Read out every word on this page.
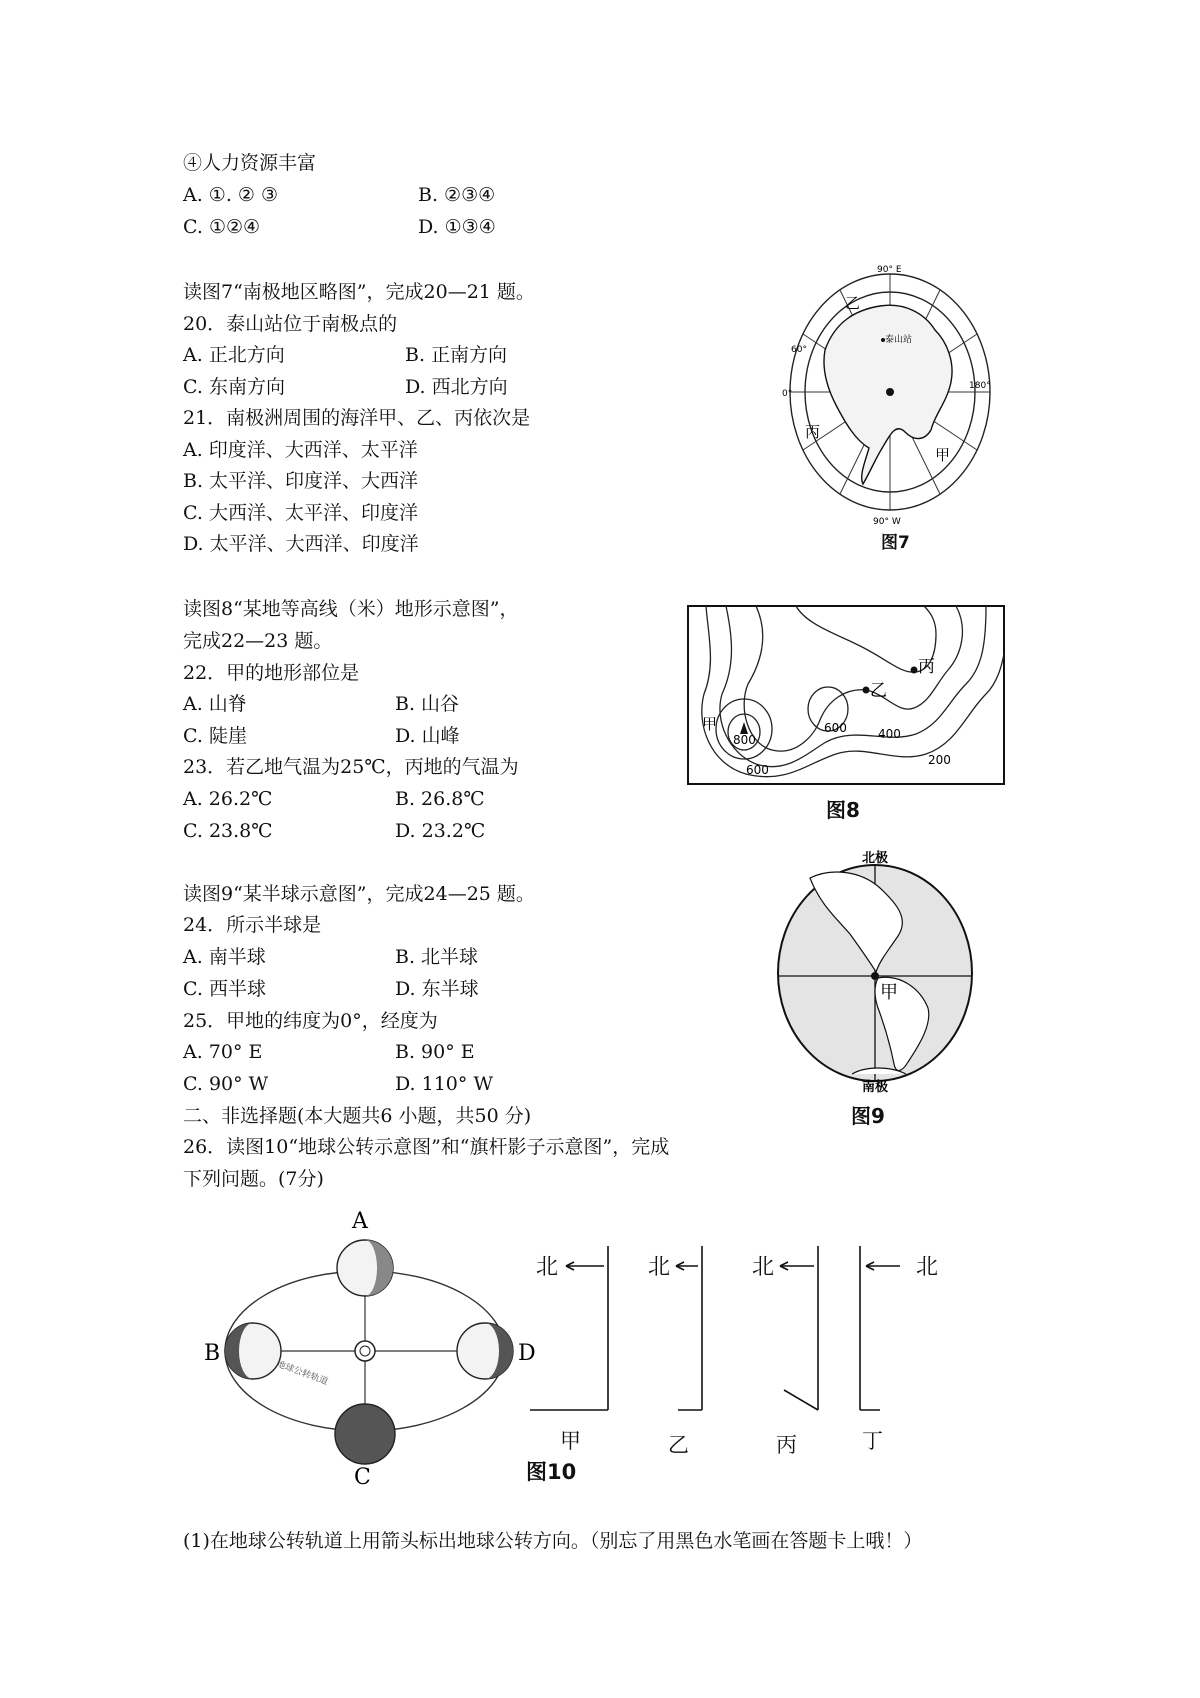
④人力资源丰富
A. ①. ② ③	B. ②③④
C. ①②④	D. ①③④
读图7“南极地区略图”，完成20—21 题。
20．泰山站位于南极点的
A. 正北方向	B. 正南方向
C. 东南方向	D. 西北方向
21．南极洲周围的海洋甲、乙、丙依次是
A. 印度洋、大西洋、太平洋
B. 太平洋、印度洋、大西洋
C. 大西洋、太平洋、印度洋
D. 太平洋、大西洋、印度洋
读图8“某地等高线（米）地形示意图”，
完成22—23 题。
22．甲的地形部位是
A. 山脊	B. 山谷
C. 陡崖	D. 山峰
23．若乙地气温为25℃，丙地的气温为
A. 26.2℃	B. 26.8℃
C. 23.8℃	D. 23.2℃
读图9“某半球示意图”，完成24—25 题。
24．所示半球是
A. 南半球	B. 北半球
C. 西半球	D. 东半球
25．甲地的纬度为0°，经度为
A. 70° E	B. 90° E
C. 90° W	D. 110° W
二、非选择题(本大题共6 小题，共50 分)
26．读图10“地球公转示意图”和“旗杆影子示意图”，完成
下列问题。(7分)
(1)在地球公转轨道上用箭头标出地球公转方向。（别忘了用黑色水笔画在答题卡上哦！）
90° E
90° W
0°
180°
60°
泰山站
乙
丙
甲
图7
甲
乙
丙
800
600
600	400
200
图8
北极
南极
甲
图9
A
B	D
C
地球公转轨道
北	北	北	北
甲	乙	丙	丁
图10
